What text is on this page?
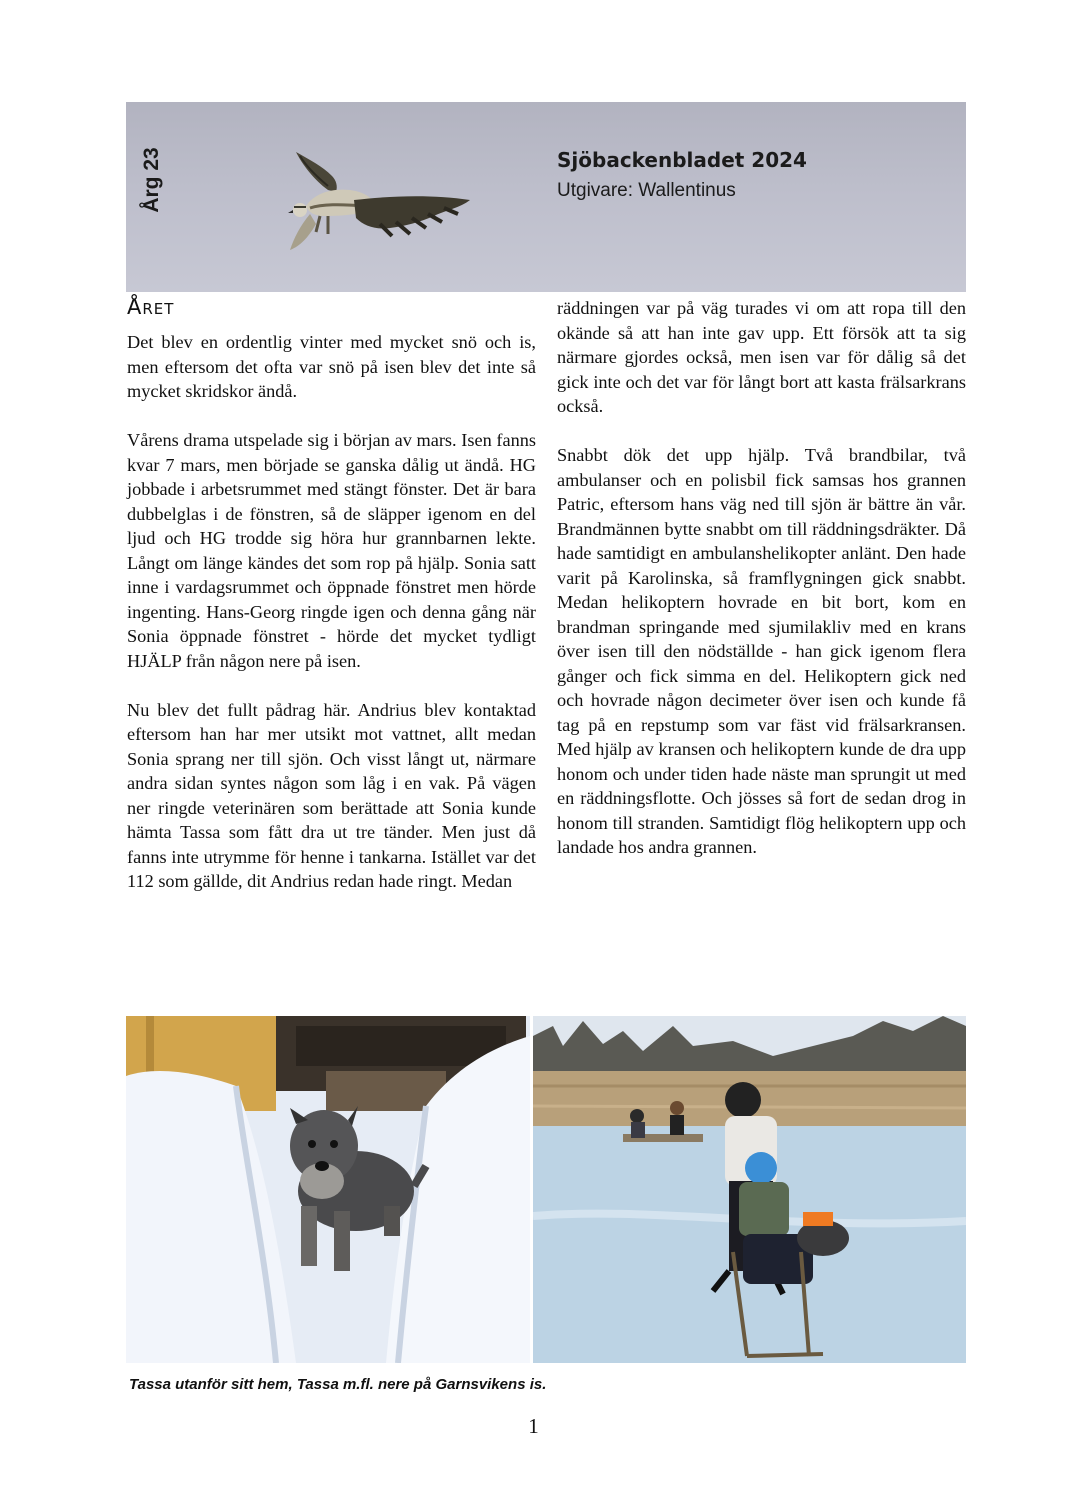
Årg 23	Sjöbackenbladet 2024
Utgivare: Wallentinus
Året

Det blev en ordentlig vinter med mycket snö och is, men eftersom det ofta var snö på isen blev det inte så mycket skridskor ändå.

Vårens drama utspelade sig i början av mars. Isen fanns kvar 7 mars, men började se ganska dålig ut ändå. HG jobbade i arbetsrummet med stängt fönster. Det är bara dubbelglas i de fönstren, så de släpper igenom en del ljud och HG trodde sig höra hur grannbarnen lekte. Långt om länge kändes det som rop på hjälp. Sonia satt inne i vardagsrummet och öppnade fönstret men hörde ingenting. Hans-Georg ringde igen och denna gång när Sonia öppnade fönstret - hörde det mycket tydligt HJÄLP från någon nere på isen.

Nu blev det fullt pådrag här. Andrius blev kontaktad eftersom han har mer utsikt mot vattnet, allt medan Sonia sprang ner till sjön. Och visst långt ut, närmare andra sidan syntes någon som låg i en vak. På vägen ner ringde veterinären som berättade att Sonia kunde hämta Tassa som fått dra ut tre tänder. Men just då fanns inte utrymme för henne i tankarna. Istället var det 112 som gällde, dit Andrius redan hade ringt. Medan

räddningen var på väg turades vi om att ropa till den okände så att han inte gav upp. Ett försök att ta sig närmare gjordes också, men isen var för dålig så det gick inte och det var för långt bort att kasta frälsarkrans också.

Snabbt dök det upp hjälp. Två brandbilar, två ambulanser och en polisbil fick samsas hos grannen Patric, eftersom hans väg ned till sjön är bättre än vår. Brandmännen bytte snabbt om till räddningsdräkter. Då hade samtidigt en ambulanshelikopter anlänt. Den hade varit på Karolinska, så framflygningen gick snabbt. Medan helikoptern hovrade en bit bort, kom en brandman springande med sjumilakliv med en krans över isen till den nödställde - han gick igenom flera gånger och fick simma en del. Helikoptern gick ned och hovrade någon decimeter över isen och kunde få tag på en repstump som var fäst vid frälsarkransen. Med hjälp av kransen och helikoptern kunde de dra upp honom och under tiden hade näste man sprungit ut med en räddningsflotte. Och jösses så fort de sedan drog in honom till stranden. Samtidigt flög helikoptern upp och landade hos andra grannen.

Tassa utanför sitt hem, Tassa m.fl. nere på Garnsvikens is.
1
